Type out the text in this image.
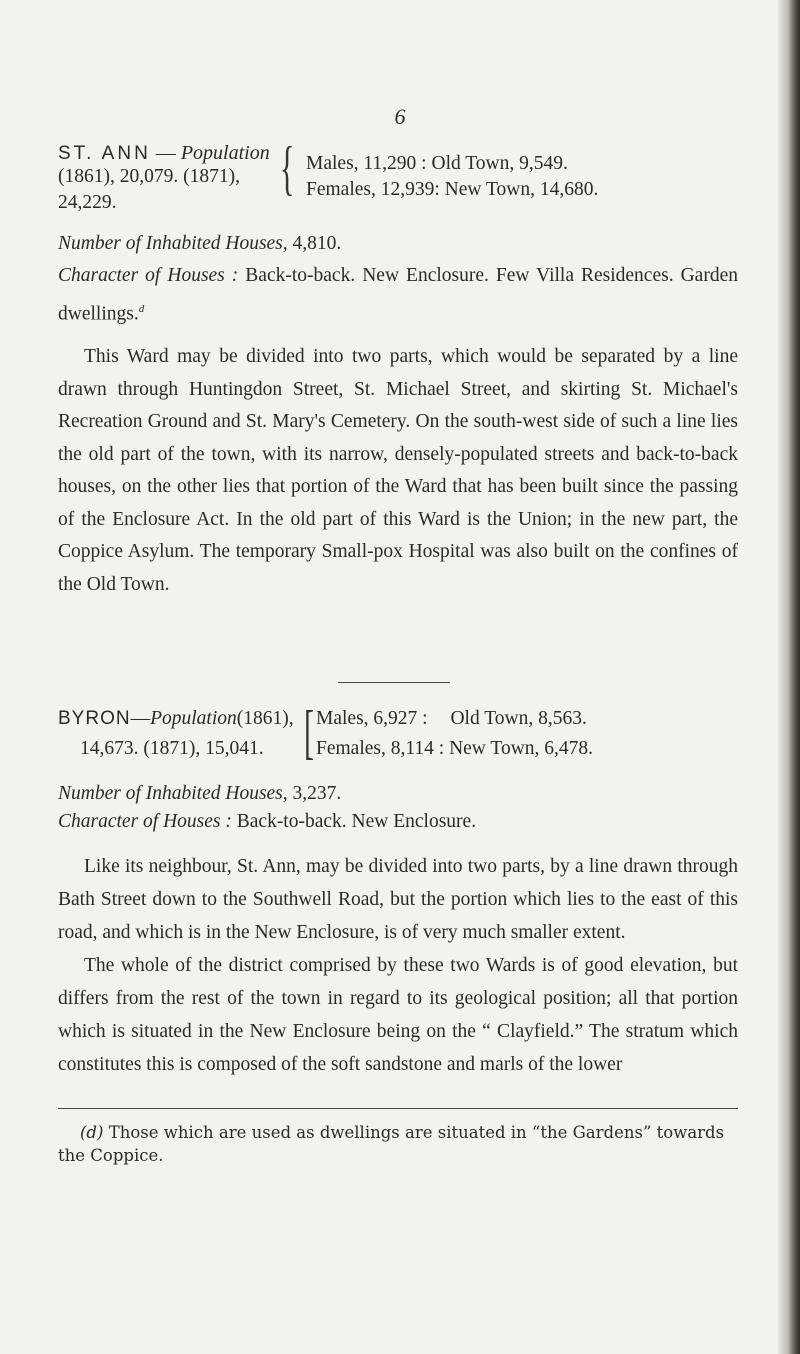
6
ST. ANN — Population
(1861), 20,079. (1871),
24,229.
{ Males, 11,290 : Old Town, 9,549.
Females, 12,939: New Town, 14,680.
Number of Inhabited Houses, 4,810.
Character of Houses : Back-to-back. New Enclosure. Few Villa Residences. Garden dwellings.$^d$

This Ward may be divided into two parts, which would be separated by a line drawn through Huntingdon Street, St. Michael Street, and skirting St. Michael's Recreation Ground and St. Mary's Cemetery. On the south-west side of such a line lies the old part of the town, with its narrow, densely-populated streets and back-to-back houses, on the other lies that portion of the Ward that has been built since the passing of the Enclosure Act. In the old part of this Ward is the Union; in the new part, the Coppice Asylum. The temporary Small-pox Hospital was also built on the confines of the Old Town.

BYRON—Population(1861),
14,673. (1871), 15,041. [ Males, 6,927 : Old Town, 8,563.
Females, 8,114 : New Town, 6,478.
Number of Inhabited Houses, 3,237.
Character of Houses : Back-to-back. New Enclosure.

Like its neighbour, St. Ann, may be divided into two parts, by a line drawn through Bath Street down to the Southwell Road, but the portion which lies to the east of this road, and which is in the New Enclosure, is of very much smaller extent.

The whole of the district comprised by these two Wards is of good elevation, but differs from the rest of the town in regard to its geological position; all that portion which is situated in the New Enclosure being on the “ Clayfield.” The stratum which constitutes this is composed of the soft sandstone and marls of the lower

(d) Those which are used as dwellings are situated in “the Gardens” towards the Coppice.
